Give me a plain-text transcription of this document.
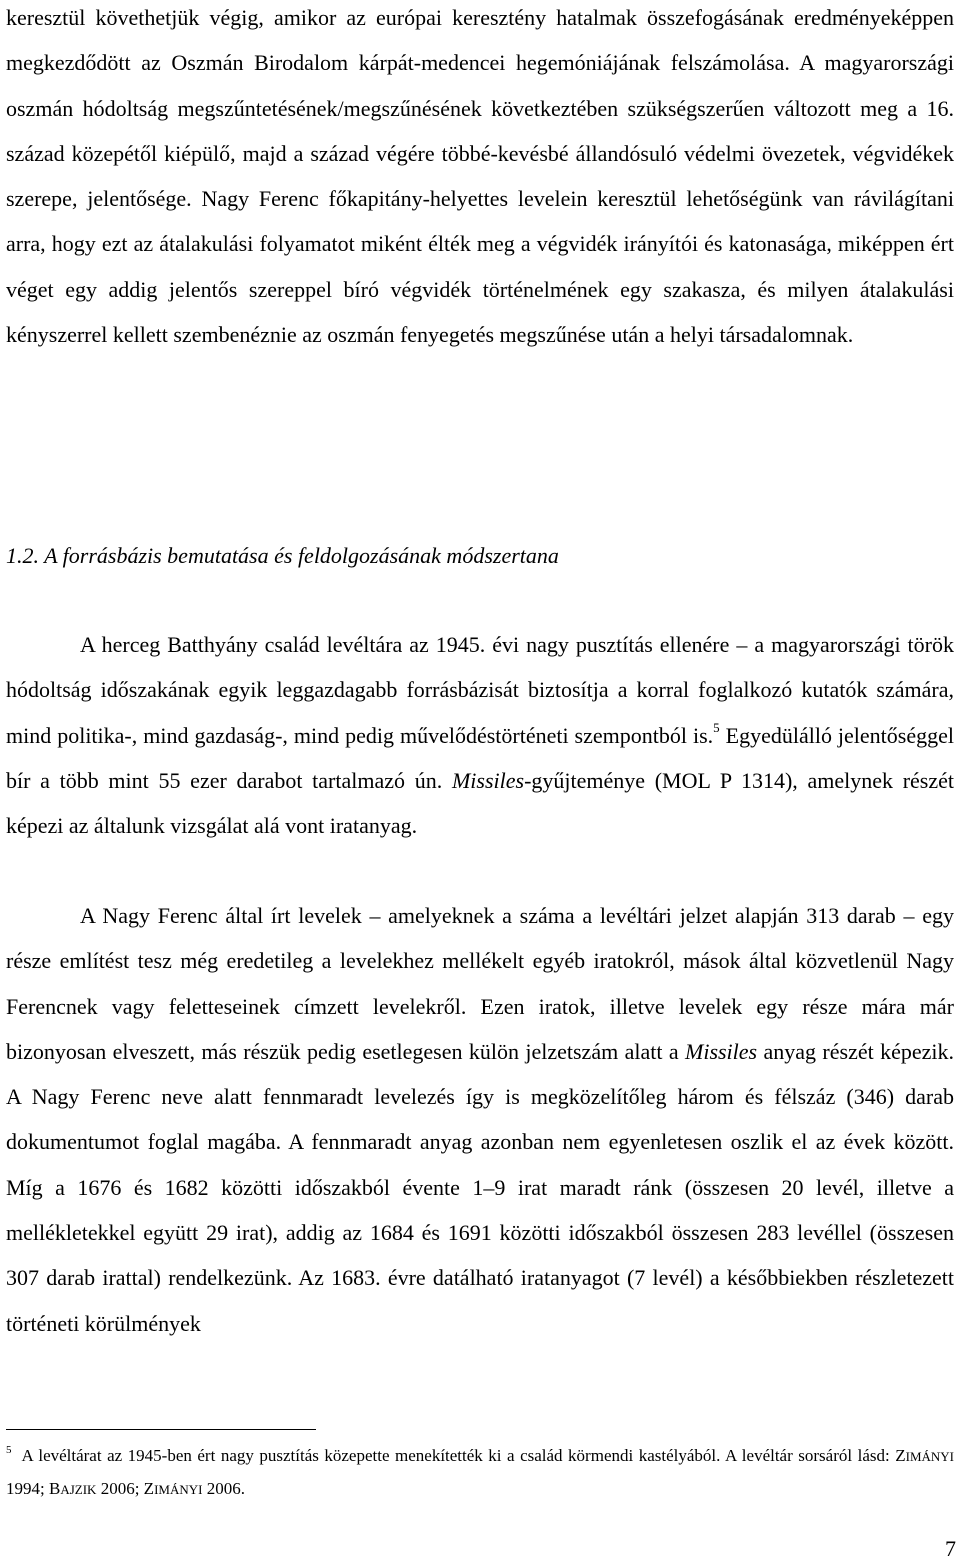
keresztül követhetjük végig, amikor az európai keresztény hatalmak összefogásának eredményeképpen megkezdődött az Oszmán Birodalom kárpát-medencei hegemóniájának felszámolása. A magyarországi oszmán hódoltság megszűntetésének/megszűnésének következtében szükségszerűen változott meg a 16. század közepétől kiépülő, majd a század végére többé-kevésbé állandósuló védelmi övezetek, végvidékek szerepe, jelentősége. Nagy Ferenc főkapitány-helyettes levelein keresztül lehetőségünk van rávilágítani arra, hogy ezt az átalakulási folyamatot miként élték meg a végvidék irányítói és katonasága, miképpen ért véget egy addig jelentős szereppel bíró végvidék történelmének egy szakasza, és milyen átalakulási kényszerrel kellett szembenéznie az oszmán fenyegetés megszűnése után a helyi társadalomnak.

1.2. A forrásbázis bemutatása és feldolgozásának módszertana

A herceg Batthyány család levéltára az 1945. évi nagy pusztítás ellenére – a magyarországi török hódoltság időszakának egyik leggazdagabb forrásbázisát biztosítja a korral foglalkozó kutatók számára, mind politika-, mind gazdaság-, mind pedig művelődéstörténeti szempontból is.$^5$ Egyedülálló jelentőséggel bír a több mint 55 ezer darabot tartalmazó ún. Missiles-gyűjteménye (MOL P 1314), amelynek részét képezi az általunk vizsgálat alá vont iratanyag.

A Nagy Ferenc által írt levelek – amelyeknek a száma a levéltári jelzet alapján 313 darab – egy része említést tesz még eredetileg a levelekhez mellékelt egyéb iratokról, mások által közvetlenül Nagy Ferencnek vagy feletteseinek címzett levelekről. Ezen iratok, illetve levelek egy része mára már bizonyosan elveszett, más részük pedig esetlegesen külön jelzetszám alatt a Missiles anyag részét képezik. A Nagy Ferenc neve alatt fennmaradt levelezés így is megközelítőleg három és félszáz (346) darab dokumentumot foglal magába. A fennmaradt anyag azonban nem egyenletesen oszlik el az évek között. Míg a 1676 és 1682 közötti időszakból évente 1–9 irat maradt ránk (összesen 20 levél, illetve a mellékletekkel együtt 29 irat), addig az 1684 és 1691 közötti időszakból összesen 283 levéllel (összesen 307 darab irattal) rendelkezünk. Az 1683. évre datálható iratanyagot (7 levél) a későbbiekben részletezett történeti körülmények

$^5$ A levéltárat az 1945-ben ért nagy pusztítás közepette menekítették ki a család körmendi kastélyából. A levéltár sorsáról lásd: ZIMÁNYI 1994; BAJZIK 2006; ZIMÁNYI 2006.

7
